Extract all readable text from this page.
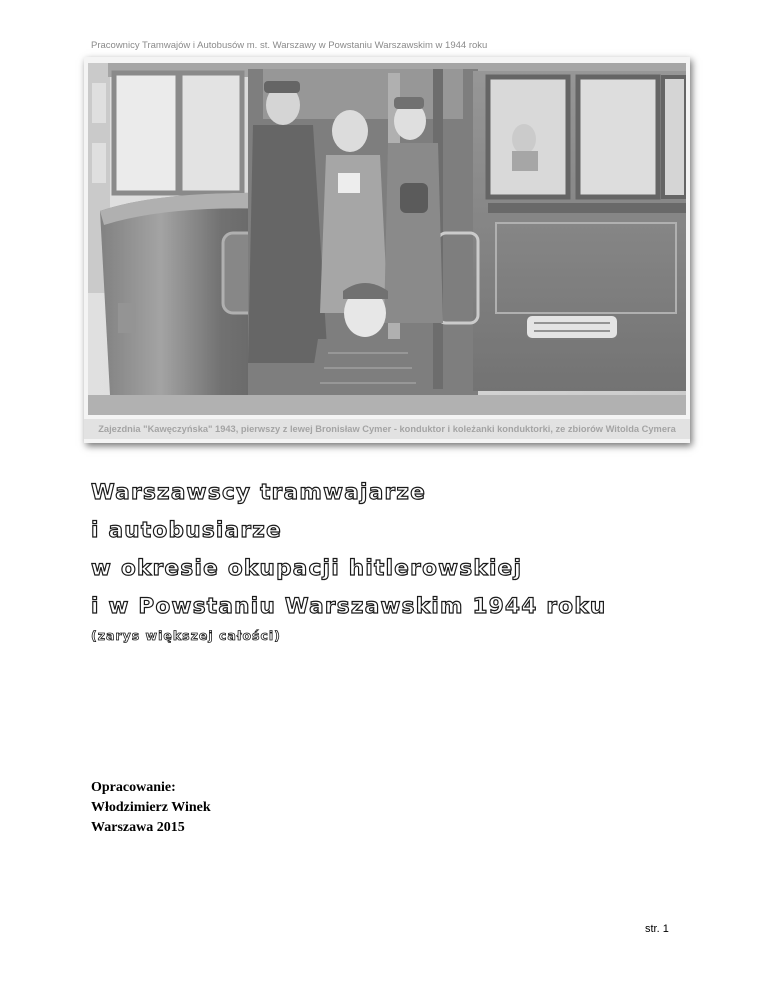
Pracownicy Tramwajów i Autobusów m. st. Warszawy w Powstaniu Warszawskim w 1944 roku
Zajezdnia "Kawęczyńska" 1943, pierwszy z lewej Bronisław Cymer - konduktor i koleżanki konduktorki, ze zbiorów Witolda Cymera
Warszawscy tramwajarze
i autobusiarze
w okresie okupacji hitlerowskiej
i w Powstaniu Warszawskim 1944 roku
(zarys większej całości)
Opracowanie:
Włodzimierz Winek
Warszawa 2015
str. 1
